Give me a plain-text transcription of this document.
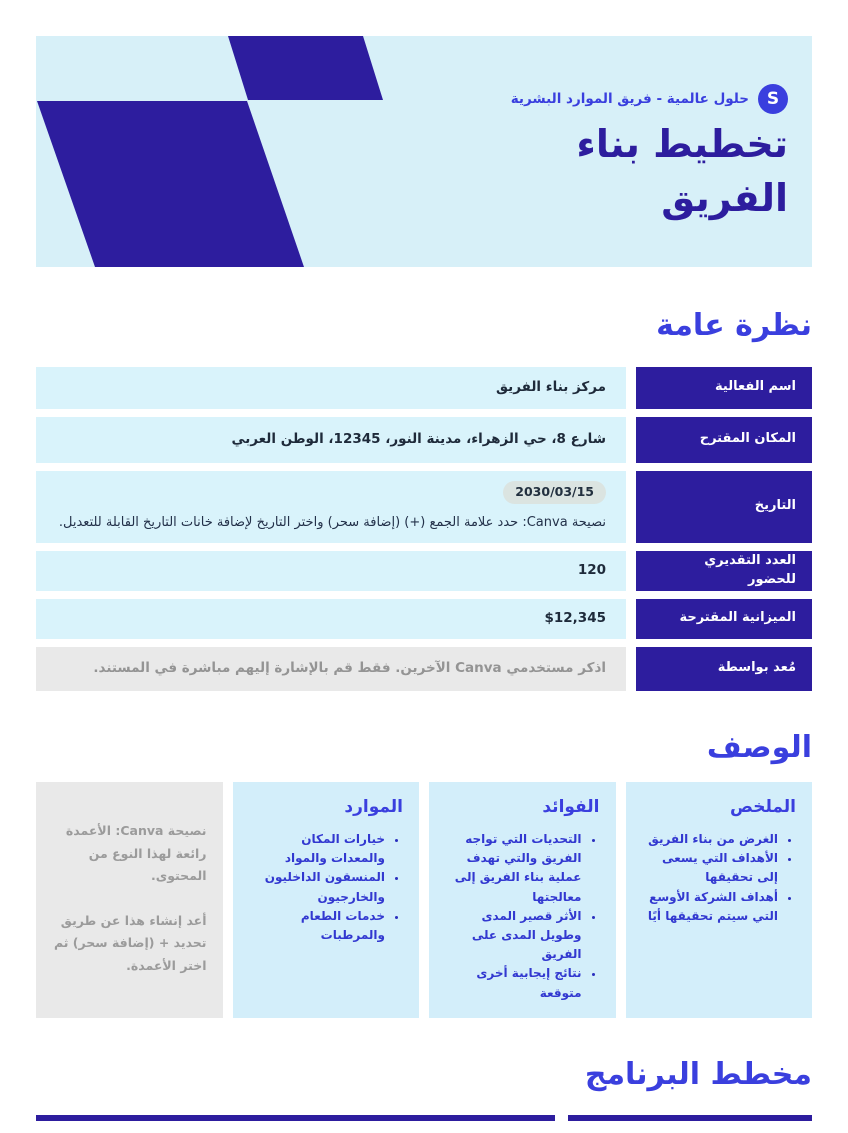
S
حلول عالمية - فريق الموارد البشرية
تخطيط بناء الفريق
نظرة عامة
اسم الفعالية
مركز بناء الفريق
المكان المقترح
شارع 8، حي الزهراء، مدينة النور، 12345، الوطن العربي
التاريخ
2030/03/15
نصيحة Canva: حدد علامة الجمع (+) (إضافة سحر) واختر التاريخ لإضافة خانات التاريخ القابلة للتعديل.
العدد التقديري للحضور
120
الميزانية المقترحة
$12,345
مُعد بواسطة
اذكر مستخدمي Canva الآخرين. فقط قم بالإشارة إليهم مباشرة في المستند.
الوصف
الملخص
• الغرض من بناء الفريق
• الأهداف التي يسعى إلى تحقيقها
• أهداف الشركة الأوسع التي سيتم تحقيقها أيًا
الفوائد
• التحديات التي تواجه الفريق والتي تهدف عملية بناء الفريق إلى معالجتها
• الأثر قصير المدى وطويل المدى على الفريق
• نتائج إيجابية أخرى متوقعة
الموارد
• خيارات المكان والمعدات والمواد
• المنسقون الداخليون والخارجيون
• خدمات الطعام والمرطبات

نصيحة Canva: الأعمدة رائعة لهذا النوع من المحتوى.

أعد إنشاء هذا عن طريق تحديد + (إضافة سحر) ثم اختر الأعمدة.

مخطط البرنامج
